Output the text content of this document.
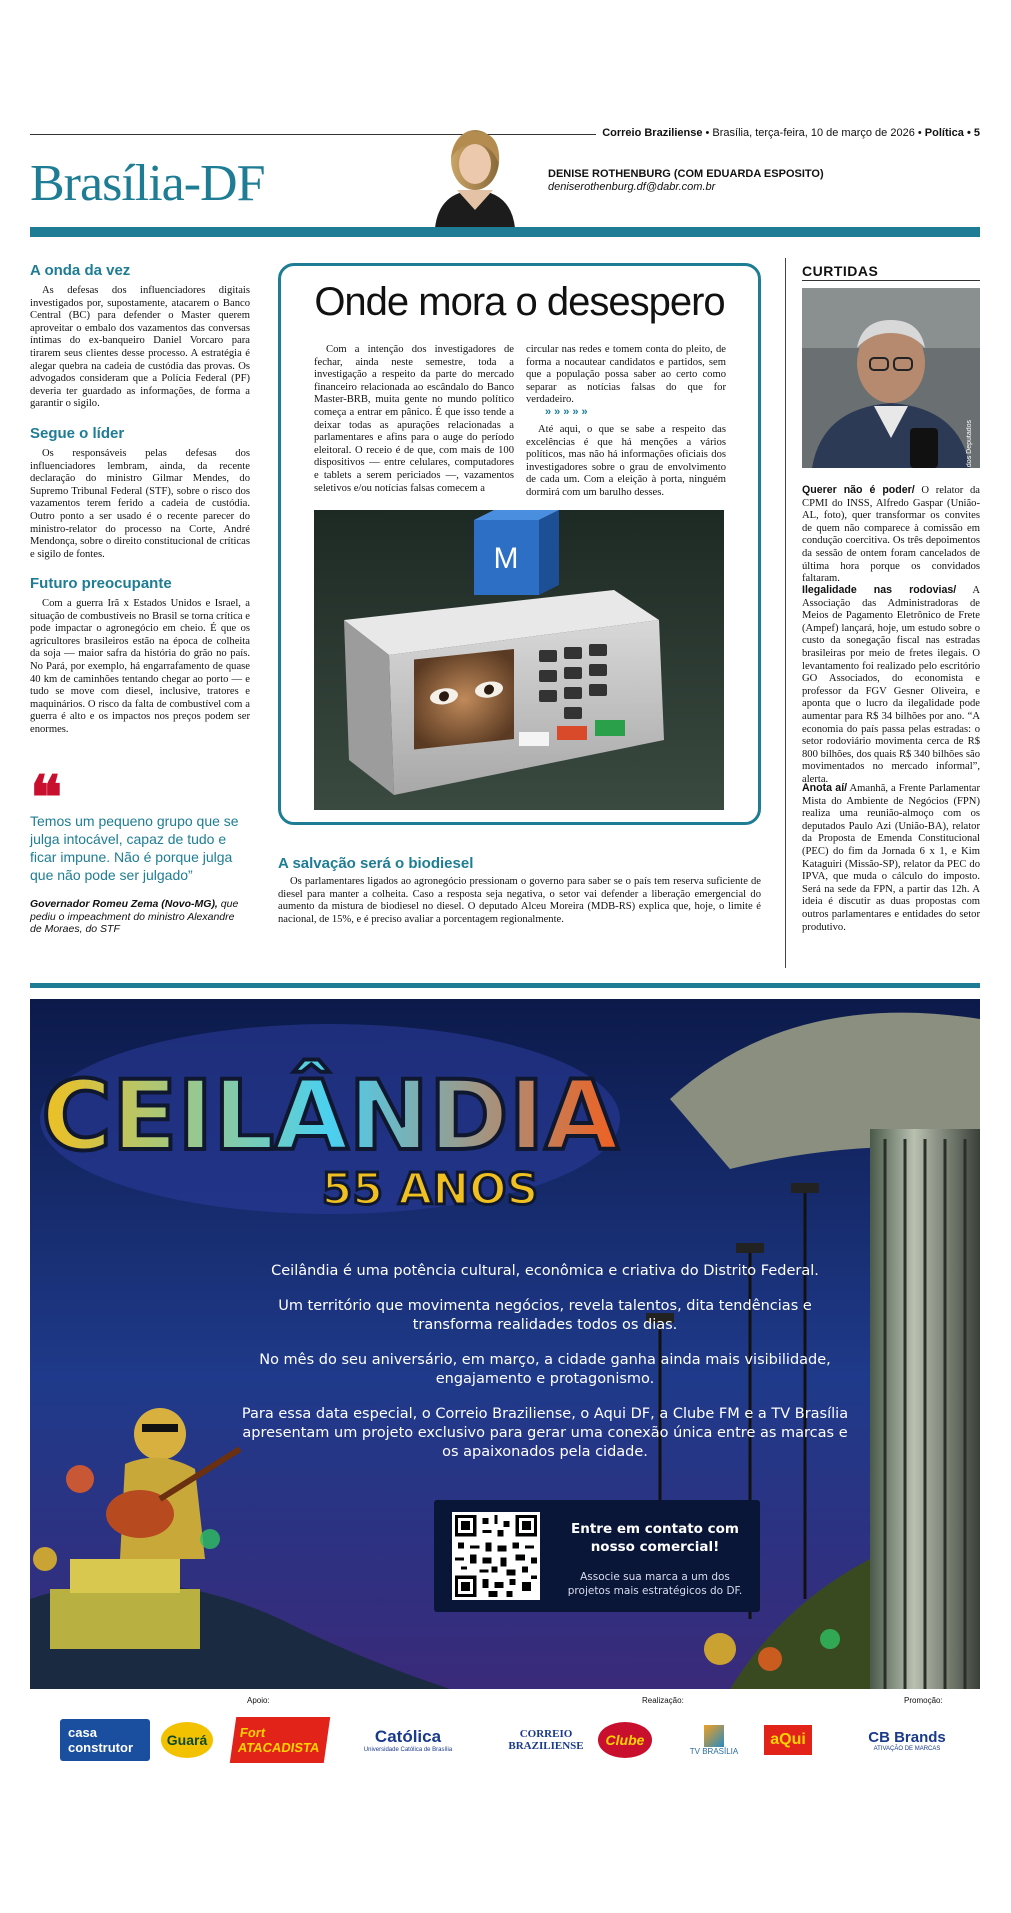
Correio Braziliense • Brasília, terça-feira, 10 de março de 2026 • Política • 5
Brasília-DF	DENISE ROTHENBURG (COM EDUARDA ESPOSITO)
deniserothenburg.df@dabr.com.br
A onda da vez
As defesas dos influenciadores digitais investigados por, supostamente, atacarem o Banco Central (BC) para defender o Master querem aproveitar o embalo dos vazamentos das conversas íntimas do ex-banqueiro Daniel Vorcaro para tirarem seus clientes desse processo. A estratégia é alegar quebra na cadeia de custódia das provas. Os advogados consideram que a Polícia Federal (PF) deveria ter guardado as informações, de forma a garantir o sigilo.
Segue o líder
Os responsáveis pelas defesas dos influenciadores lembram, ainda, da recente declaração do ministro Gilmar Mendes, do Supremo Tribunal Federal (STF), sobre o risco dos vazamentos terem ferido a cadeia de custódia. Outro ponto a ser usado é o recente parecer do ministro-relator do processo na Corte, André Mendonça, sobre o direito constitucional de críticas e sigilo de fontes.
Futuro preocupante
Com a guerra Irã x Estados Unidos e Israel, a situação de combustíveis no Brasil se torna crítica e pode impactar o agronegócio em cheio. É que os agricultores brasileiros estão na época de colheita da soja — maior safra da história do grão no país. No Pará, por exemplo, há engarrafamento de quase 40 km de caminhões tentando chegar ao porto — e tudo se move com diesel, inclusive, tratores e maquinários. O risco da falta de combustível com a guerra é alto e os impactos nos preços podem ser enormes.
❝
Temos um pequeno grupo que se julga intocável, capaz de tudo e ficar impune. Não é porque julga que não pode ser julgado”
Governador Romeu Zema (Novo-MG), que pediu o impeachment do ministro Alexandre de Moraes, do STF
Onde mora o desespero
Com a intenção dos investigadores de fechar, ainda neste semestre, toda a investigação a respeito da parte do mercado financeiro relacionada ao escândalo do Banco Master-BRB, muita gente no mundo político começa a entrar em pânico. É que isso tende a deixar todas as apurações relacionadas a parlamentares e afins para o auge do período eleitoral. O receio é de que, com mais de 100 dispositivos — entre celulares, computadores e tablets a serem periciados —, vazamentos seletivos e/ou notícias falsas comecem a
circular nas redes e tomem conta do pleito, de forma a nocautear candidatos e partidos, sem que a população possa saber ao certo como separar as notícias falsas do que for verdadeiro.
»»»»»
Até aqui, o que se sabe a respeito das excelências é que há menções a vários políticos, mas não há informações oficiais dos investigadores sobre o grau de envolvimento de cada um. Com a eleição à porta, ninguém dormirá com um barulho desses.
M
A salvação será o biodiesel
Os parlamentares ligados ao agronegócio pressionam o governo para saber se o país tem reserva suficiente de diesel para manter a colheita. Caso a resposta seja negativa, o setor vai defender a liberação emergencial do aumento da mistura de biodiesel no diesel. O deputado Alceu Moreira (MDB-RS) explica que, hoje, o limite é nacional, de 15%, e é preciso avaliar a porcentagem regionalmente.
CURTIDAS
Vinicius Loures/Câmara dos Deputados
Querer não é poder/ O relator da CPMI do INSS, Alfredo Gaspar (União-AL, foto), quer transformar os convites de quem não comparece à comissão em condução coercitiva. Os três depoimentos da sessão de ontem foram cancelados de última hora porque os convidados faltaram.
Ilegalidade nas rodovias/ A Associação das Administradoras de Meios de Pagamento Eletrônico de Frete (Ampef) lançará, hoje, um estudo sobre o custo da sonegação fiscal nas estradas brasileiras por meio de fretes ilegais. O levantamento foi realizado pelo escritório GO Associados, do economista e professor da FGV Gesner Oliveira, e aponta que o lucro da ilegalidade pode aumentar para R$ 34 bilhões por ano. “A economia do país passa pelas estradas: o setor rodoviário movimenta cerca de R$ 800 bilhões, dos quais R$ 340 bilhões são movimentados no mercado informal”, alerta.
Anota aí/ Amanhã, a Frente Parlamentar Mista do Ambiente de Negócios (FPN) realiza uma reunião-almoço com os deputados Paulo Azi (União-BA), relator da Proposta de Emenda Constitucional (PEC) do fim da Jornada 6 x 1, e Kim Kataguiri (Missão-SP), relator da PEC do IPVA, que muda o cálculo do imposto. Será na sede da FPN, a partir das 12h. A ideia é discutir as duas propostas com outros parlamentares e entidades do setor produtivo.
CEILÂNDIA
55 ANOS

Ceilândia é uma potência cultural, econômica e criativa do Distrito Federal.

Um território que movimenta negócios, revela talentos, dita tendências e transforma realidades todos os dias.

No mês do seu aniversário, em março, a cidade ganha ainda mais visibilidade, engajamento e protagonismo.

Para essa data especial, o Correio Braziliense, o Aqui DF, a Clube FM e a TV Brasília apresentam um projeto exclusivo para gerar uma conexão única entre as marcas e os apaixonados pela cidade.

Entre em contato com nosso comercial!
Associe sua marca a um dos projetos mais estratégicos do DF.
Apoio:	Realização:	Promoção:
casa construtor	Guará	Fort ATACADISTA
Católica
Universidade Católica de Brasília
CORREIO BRAZILIENSE	Clube
TV BRASÍLIA
aQui	CB Brands
ATIVAÇÃO DE MARCAS
